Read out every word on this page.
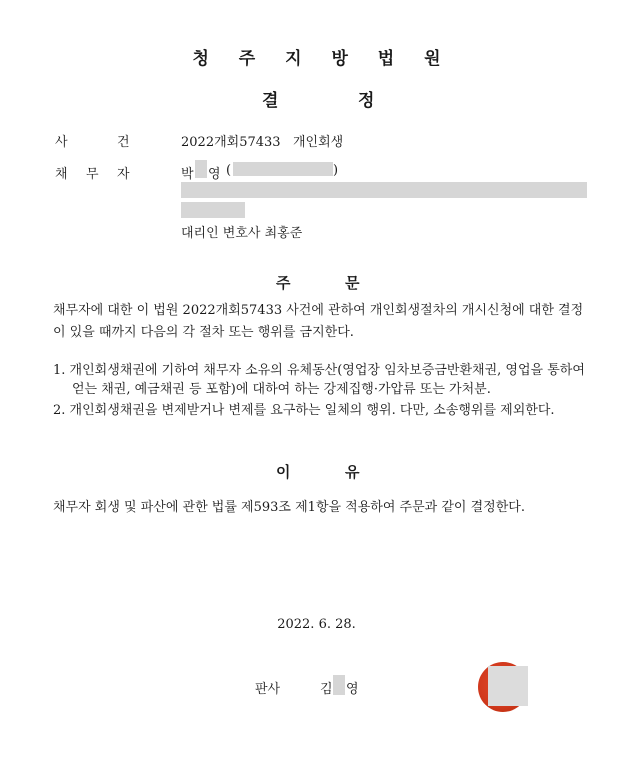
청 주 지 방 법 원
결	정
사	건	2022개회57433   개인회생
채 무 자	박 영 (	)
대리인 변호사 최홍준
주	문
채무자에 대한 이 법원 2022개회57433 사건에 관하여 개인회생절차의 개시신청에 대한 결정이 있을 때까지 다음의 각 절차 또는 행위를 금지한다.
1. 개인회생채권에 기하여 채무자 소유의 유체동산(영업장 임차보증금반환채권, 영업을 통하여 얻는 채권, 예금채권 등 포함)에 대하여 하는 강제집행·가압류 또는 가처분.
2. 개인회생채권을 변제받거나 변제를 요구하는 일체의 행위. 다만, 소송행위를 제외한다.
이	유
채무자 회생 및 파산에 관한 법률 제593조 제1항을 적용하여 주문과 같이 결정한다.
2022. 6. 28.
판사	김 영
